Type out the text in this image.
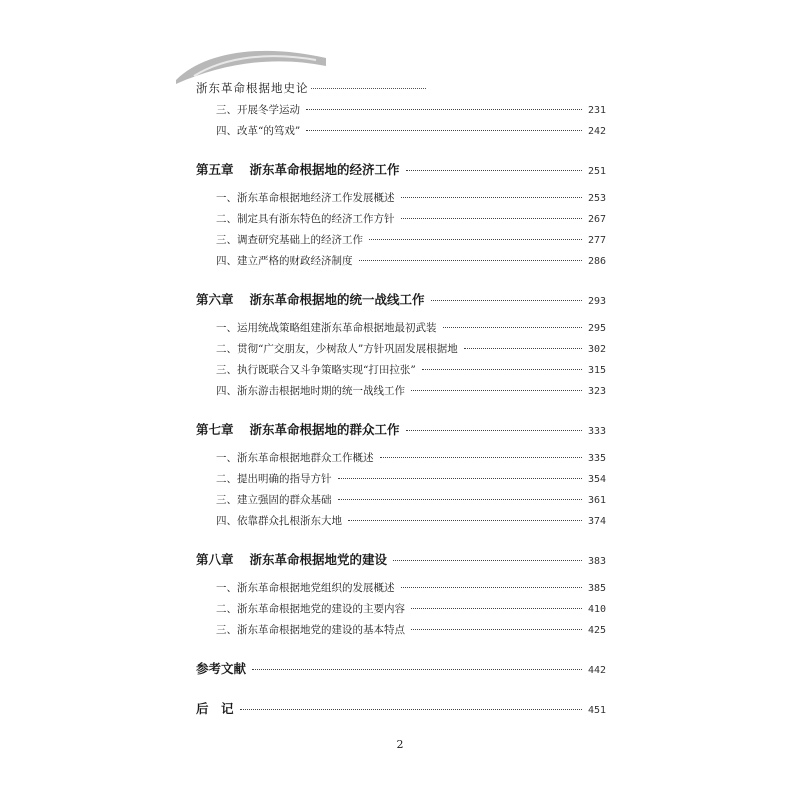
浙东革命根据地史论
三、开展冬学运动	231
四、改革“的笃戏”	242
第五章 浙东革命根据地的经济工作	251
一、浙东革命根据地经济工作发展概述	253
二、制定具有浙东特色的经济工作方针	267
三、调查研究基础上的经济工作	277
四、建立严格的财政经济制度	286
第六章 浙东革命根据地的统一战线工作	293
一、运用统战策略组建浙东革命根据地最初武装	295
二、贯彻“广交朋友，少树敌人”方针巩固发展根据地	302
三、执行既联合又斗争策略实现“打田拉张”	315
四、浙东游击根据地时期的统一战线工作	323
第七章 浙东革命根据地的群众工作	333
一、浙东革命根据地群众工作概述	335
二、提出明确的指导方针	354
三、建立强固的群众基础	361
四、依靠群众扎根浙东大地	374
第八章 浙东革命根据地党的建设	383
一、浙东革命根据地党组织的发展概述	385
二、浙东革命根据地党的建设的主要内容	410
三、浙东革命根据地党的建设的基本特点	425
参考文献	442
后　记	451
2
